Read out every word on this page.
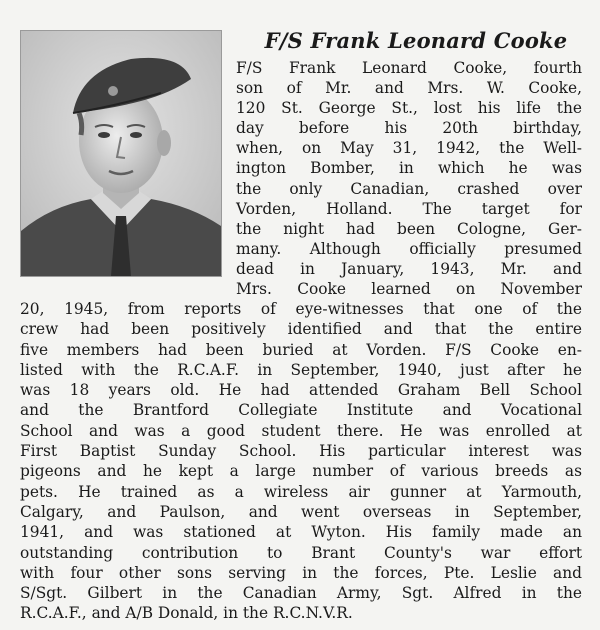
F/S Frank Leonard Cooke
F/S Frank Leonard Cooke, fourth
son of Mr. and Mrs. W. Cooke,
120 St. George St., lost his life the
day before his 20th birthday,
when, on May 31, 1942, the Well-
ington Bomber, in which he was
the only Canadian, crashed over
Vorden, Holland. The target for
the night had been Cologne, Ger-
many. Although officially presumed
dead in January, 1943, Mr. and
Mrs. Cooke learned on November
20, 1945, from reports of eye-witnesses that one of the
crew had been positively identified and that the entire
five members had been buried at Vorden. F/S Cooke en-
listed with the R.C.A.F. in September, 1940, just after he
was 18 years old. He had attended Graham Bell School
and the Brantford Collegiate Institute and Vocational
School and was a good student there. He was enrolled at
First Baptist Sunday School. His particular interest was
pigeons and he kept a large number of various breeds as
pets. He trained as a wireless air gunner at Yarmouth,
Calgary, and Paulson, and went overseas in September,
1941, and was stationed at Wyton. His family made an
outstanding contribution to Brant County's war effort
with four other sons serving in the forces, Pte. Leslie and
S/Sgt. Gilbert in the Canadian Army, Sgt. Alfred in the
R.C.A.F., and A/B Donald, in the R.C.N.V.R.
